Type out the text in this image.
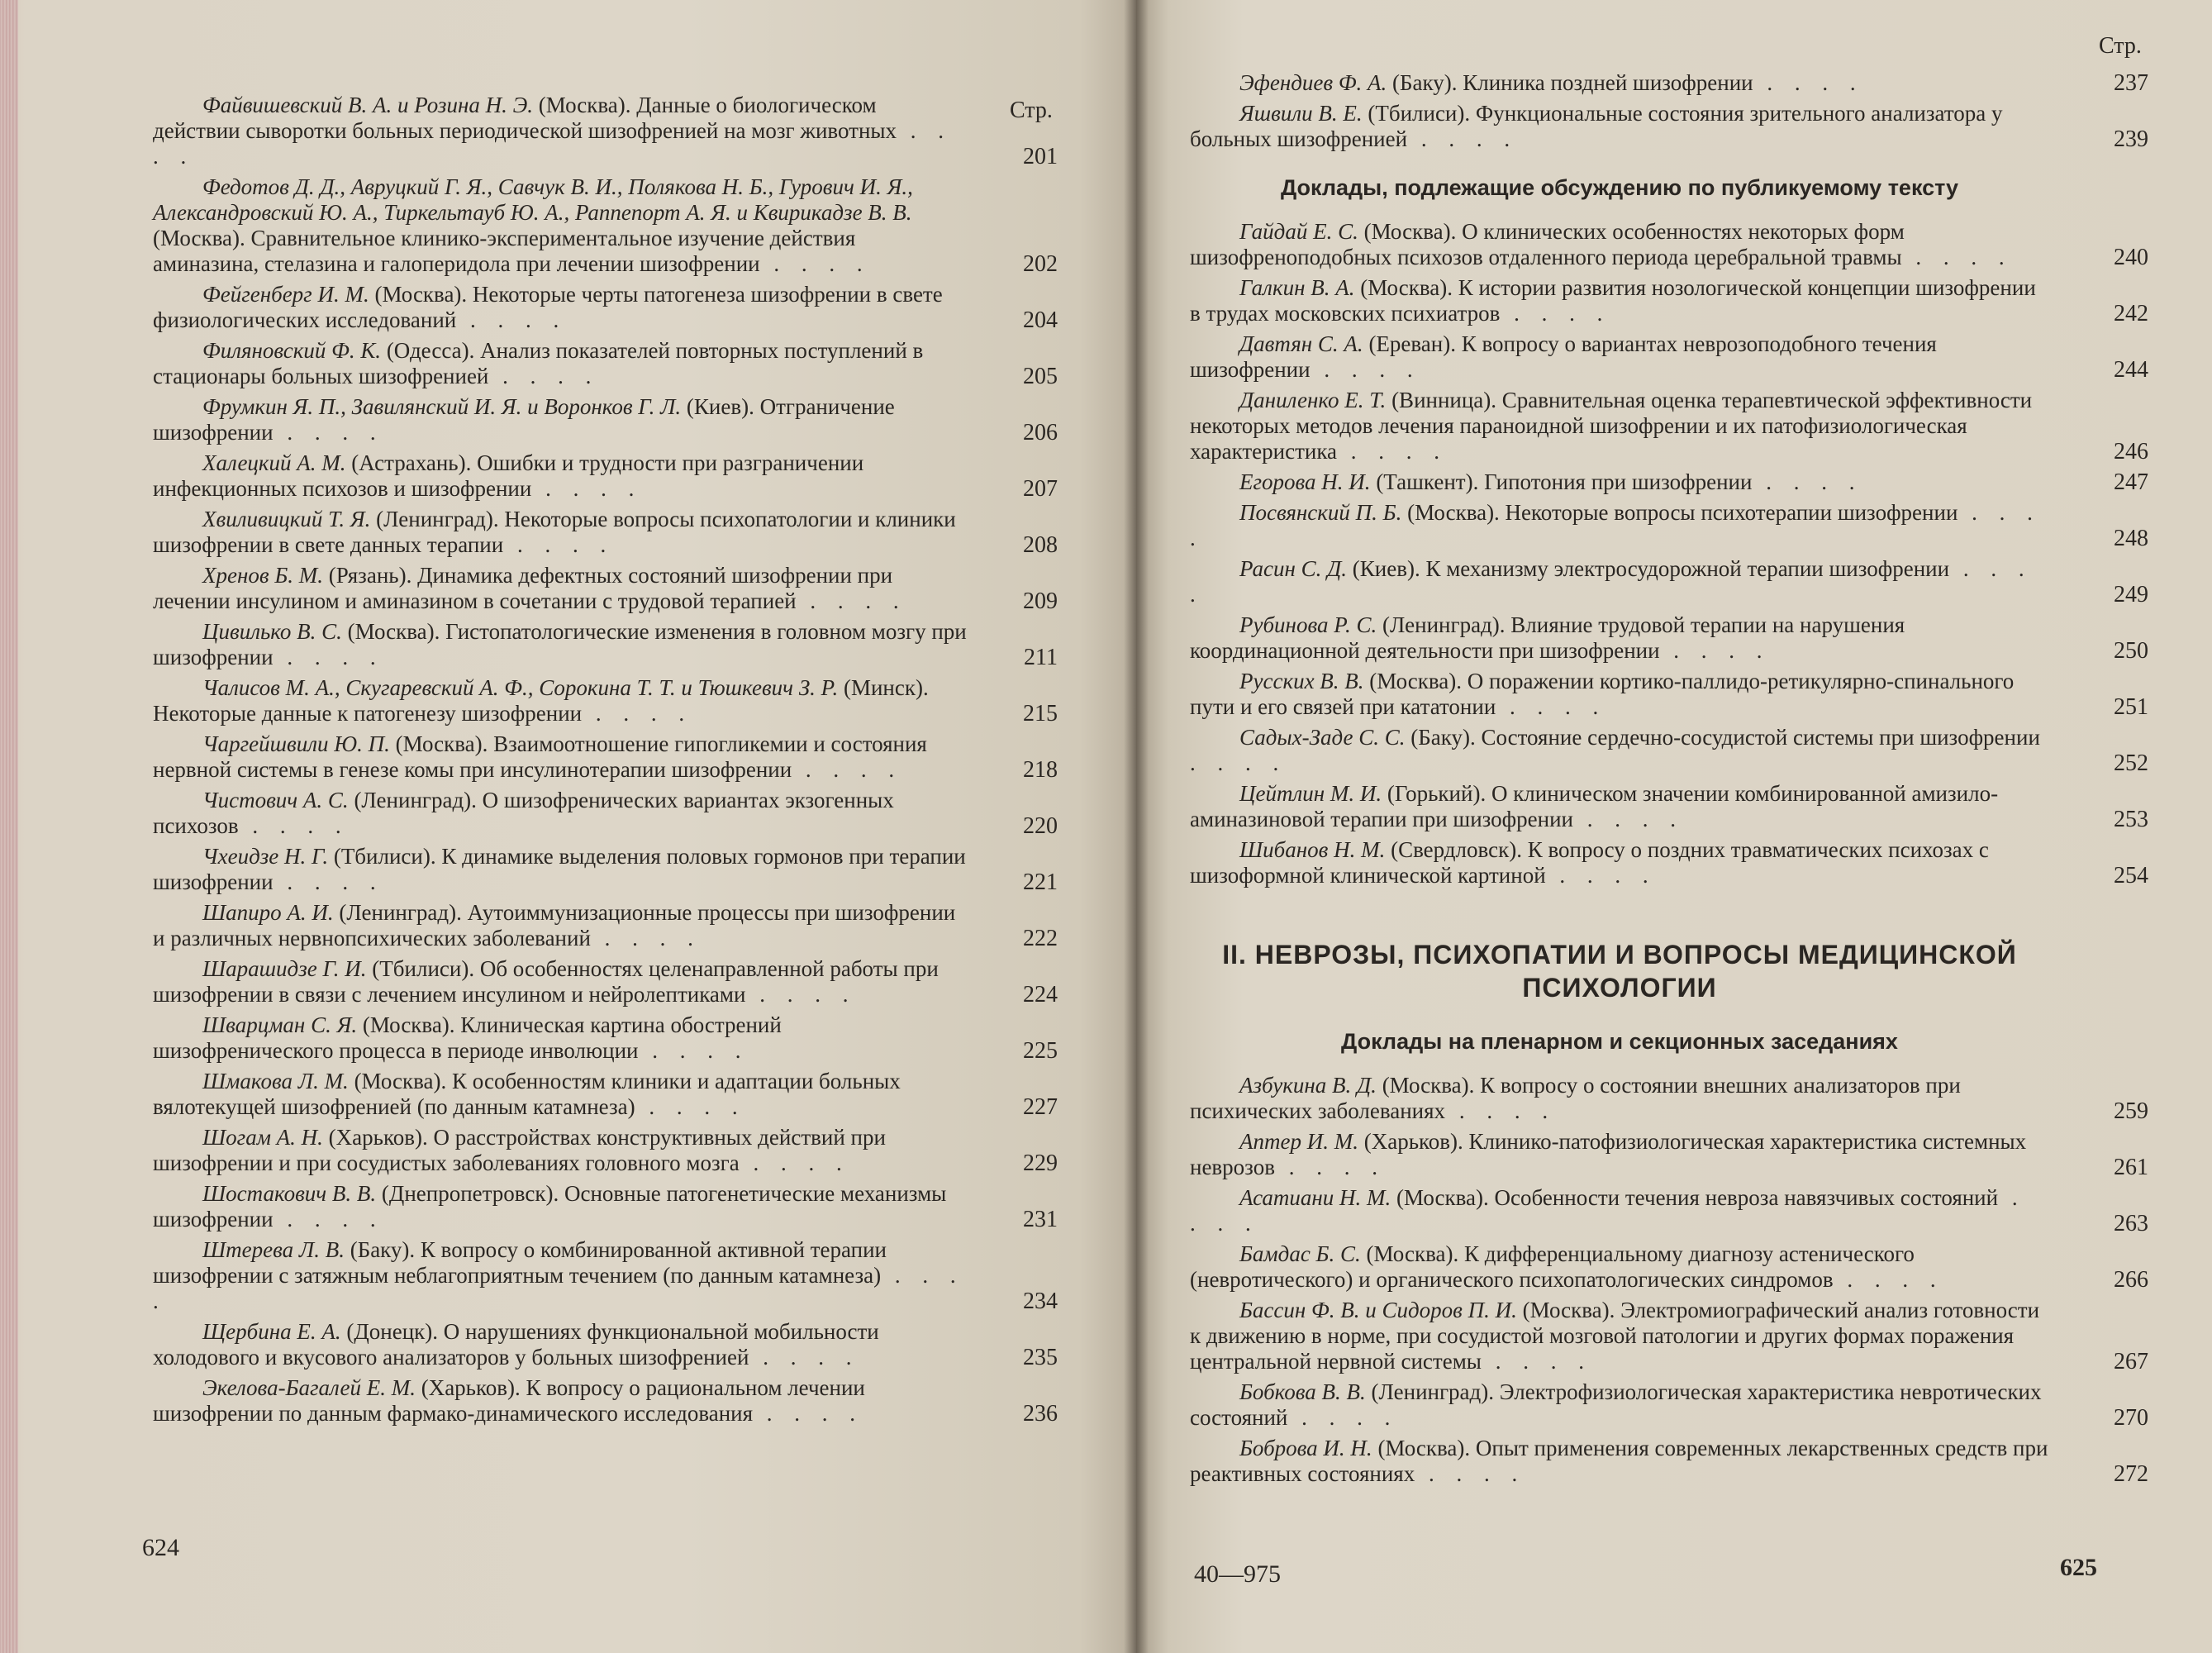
Стр.
Файвишевский В. А. и Розина Н. Э. (Москва). Данные о биологическом действии сыворотки больных периодической шизофренией на мозг животных . . . .	201
Федотов Д. Д., Авруцкий Г. Я., Савчук В. И., Полякова Н. Б., Гурович И. Я., Александровский Ю. А., Тиркельтауб Ю. А., Раппепорт А. Я. и Квирикадзе В. В. (Москва). Сравнительное клинико-экспериментальное изучение действия аминазина, стелазина и галоперидола при лечении шизофрении . . . .	202
Фейгенберг И. М. (Москва). Некоторые черты патогенеза шизофрении в свете физиологических исследований . . . .	204
Филяновский Ф. К. (Одесса). Анализ показателей повторных поступлений в стационары больных шизофренией . . . .	205
Фрумкин Я. П., Завилянский И. Я. и Воронков Г. Л. (Киев). Отграничение шизофрении . . . .	206
Халецкий А. М. (Астрахань). Ошибки и трудности при разграничении инфекционных психозов и шизофрении . . . .	207
Хвиливицкий Т. Я. (Ленинград). Некоторые вопросы психопатологии и клиники шизофрении в свете данных терапии . . . .	208
Хренов Б. М. (Рязань). Динамика дефектных состояний шизофрении при лечении инсулином и аминазином в сочетании с трудовой терапией . . . .	209
Цивилько В. С. (Москва). Гистопатологические изменения в головном мозгу при шизофрении . . . .	211
Чалисов М. А., Скугаревский А. Ф., Сорокина Т. Т. и Тюшкевич З. Р. (Минск). Некоторые данные к патогенезу шизофрении . . . .	215
Чаргейшвили Ю. П. (Москва). Взаимоотношение гипогликемии и состояния нервной системы в генезе комы при инсулинотерапии шизофрении . . . .	218
Чистович А. С. (Ленинград). О шизофренических вариантах экзогенных психозов . . . .	220
Чхеидзе Н. Г. (Тбилиси). К динамике выделения половых гормонов при терапии шизофрении . . . .	221
Шапиро А. И. (Ленинград). Аутоиммунизационные процессы при шизофрении и различных нервнопсихических заболеваний . . . .	222
Шарашидзе Г. И. (Тбилиси). Об особенностях целенаправленной работы при шизофрении в связи с лечением инсулином и нейролептиками . . . .	224
Шварцман С. Я. (Москва). Клиническая картина обострений шизофренического процесса в периоде инволюции . . . .	225
Шмакова Л. М. (Москва). К особенностям клиники и адаптации больных вялотекущей шизофренией (по данным катамнеза) . . . .	227
Шогам А. Н. (Харьков). О расстройствах конструктивных действий при шизофрении и при сосудистых заболеваниях головного мозга . . . .	229
Шостакович В. В. (Днепропетровск). Основные патогенетические механизмы шизофрении . . . .	231
Штерева Л. В. (Баку). К вопросу о комбинированной активной терапии шизофрении с затяжным неблагоприятным течением (по данным катамнеза) . . . .	234
Щербина Е. А. (Донецк). О нарушениях функциональной мобильности холодового и вкусового анализаторов у больных шизофренией . . . .	235
Экелова-Багалей Е. М. (Харьков). К вопросу о рациональном лечении шизофрении по данным фармако-динамического исследования . . . .	236
624
Стр.
40—975	625
Эфендиев Ф. А. (Баку). Клиника поздней шизофрении . . . .	237
Яшвили В. Е. (Тбилиси). Функциональные состояния зрительного анализатора у больных шизофренией . . . .	239
Доклады, подлежащие обсуждению по публикуемому тексту
Гайдай Е. С. (Москва). О клинических особенностях некоторых форм шизофреноподобных психозов отдаленного периода церебральной травмы . . . .	240
Галкин В. А. (Москва). К истории развития нозологической концепции шизофрении в трудах московских психиатров . . . .	242
Давтян С. А. (Ереван). К вопросу о вариантах неврозоподобного течения шизофрении . . . .	244
Даниленко Е. Т. (Винница). Сравнительная оценка терапевтической эффективности некоторых методов лечения параноидной шизофрении и их патофизиологическая характеристика . . . .	246
Егорова Н. И. (Ташкент). Гипотония при шизофрении . . . .	247
Посвянский П. Б. (Москва). Некоторые вопросы психотерапии шизофрении . . . .	248
Расин С. Д. (Киев). К механизму электросудорожной терапии шизофрении . . . .	249
Рубинова Р. С. (Ленинград). Влияние трудовой терапии на нарушения координационной деятельности при шизофрении . . . .	250
Русских В. В. (Москва). О поражении кортико-паллидо-ретикулярно-спинального пути и его связей при кататонии . . . .	251
Садых-Заде С. С. (Баку). Состояние сердечно-сосудистой системы при шизофрении . . . .	252
Цейтлин М. И. (Горький). О клиническом значении комбинированной амизило-аминазиновой терапии при шизофрении . . . .	253
Шибанов Н. М. (Свердловск). К вопросу о поздних травматических психозах с шизоформной клинической картиной . . . .	254
II. НЕВРОЗЫ, ПСИХОПАТИИ И ВОПРОСЫ МЕДИЦИНСКОЙ ПСИХОЛОГИИ
Доклады на пленарном и секционных заседаниях
Азбукина В. Д. (Москва). К вопросу о состоянии внешних анализаторов при психических заболеваниях . . . .	259
Аптер И. М. (Харьков). Клинико-патофизиологическая характеристика системных неврозов . . . .	261
Асатиани Н. М. (Москва). Особенности течения невроза навязчивых состояний . . . .	263
Бамдас Б. С. (Москва). К дифференциальному диагнозу астенического (невротического) и органического психопатологических синдромов . . . .	266
Бассин Ф. В. и Сидоров П. И. (Москва). Электромиографический анализ готовности к движению в норме, при сосудистой мозговой патологии и других формах поражения центральной нервной системы . . . .	267
Бобкова В. В. (Ленинград). Электрофизиологическая характеристика невротических состояний . . . .	270
Боброва И. Н. (Москва). Опыт применения современных лекарственных средств при реактивных состояниях . . . .	272
